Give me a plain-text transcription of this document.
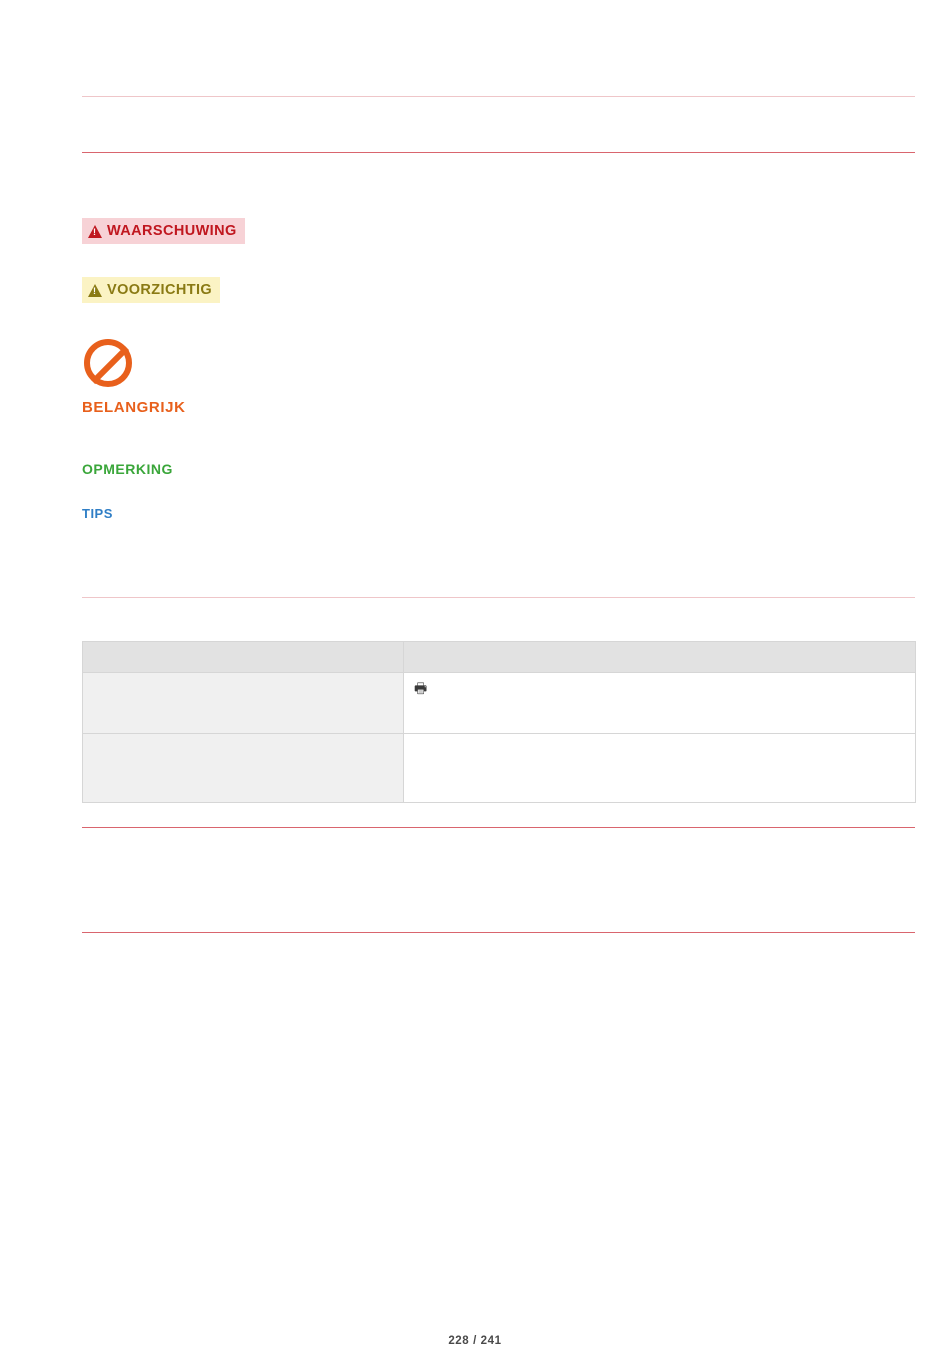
!
WAARSCHUWING
!
VOORZICHTIG
BELANGRIJK
OPMERKING
TIPS

	🖶

228 / 241
